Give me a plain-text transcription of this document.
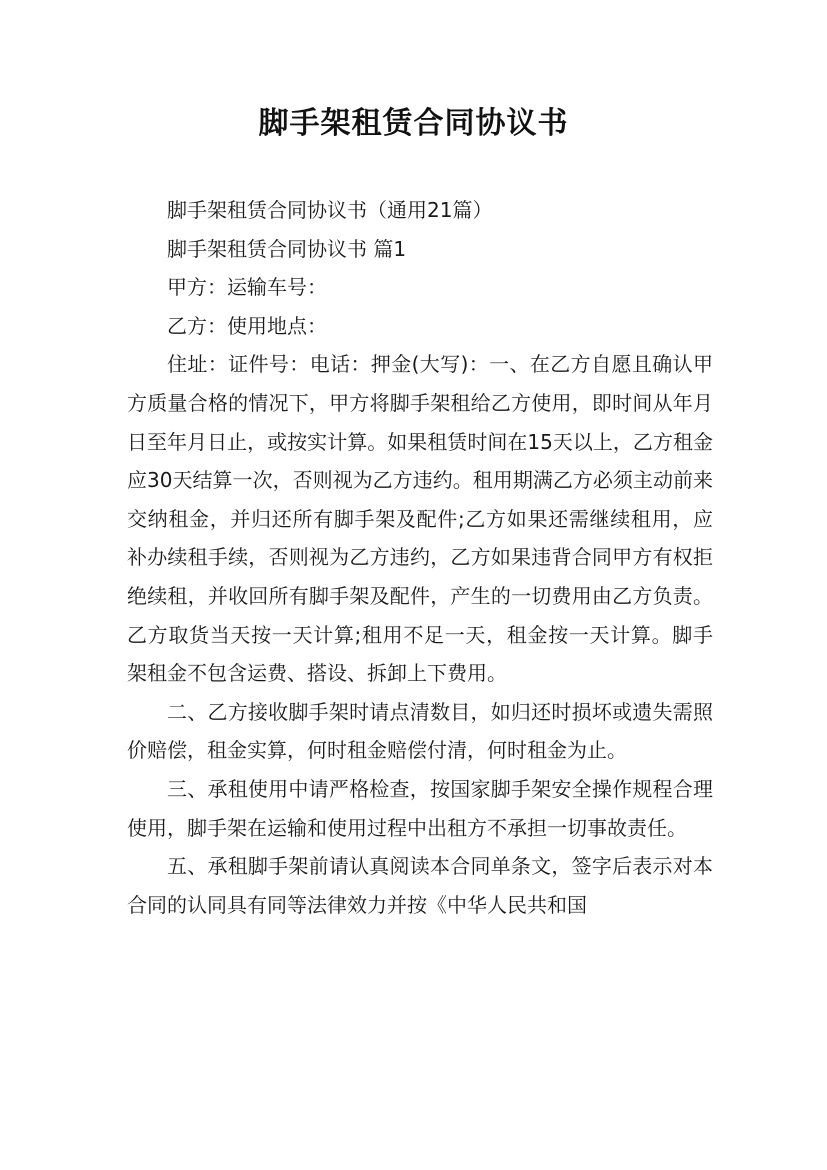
脚手架租赁合同协议书

脚手架租赁合同协议书（通用21篇）

脚手架租赁合同协议书 篇1

甲方：运输车号：

乙方：使用地点：

住址：证件号：电话：押金(大写)：一、在乙方自愿且确认甲方质量合格的情况下，甲方将脚手架租给乙方使用，即时间从年月日至年月日止，或按实计算。如果租赁时间在15天以上，乙方租金应30天结算一次，否则视为乙方违约。租用期满乙方必须主动前来交纳租金，并归还所有脚手架及配件;乙方如果还需继续租用，应补办续租手续，否则视为乙方违约，乙方如果违背合同甲方有权拒绝续租，并收回所有脚手架及配件，产生的一切费用由乙方负责。乙方取货当天按一天计算;租用不足一天，租金按一天计算。脚手架租金不包含运费、搭设、拆卸上下费用。

二、乙方接收脚手架时请点清数目，如归还时损坏或遗失需照价赔偿，租金实算，何时租金赔偿付清，何时租金为止。

三、承租使用中请严格检查，按国家脚手架安全操作规程合理使用，脚手架在运输和使用过程中出租方不承担一切事故责任。

五、承租脚手架前请认真阅读本合同单条文，签字后表示对本合同的认同具有同等法律效力并按《中华人民共和国
